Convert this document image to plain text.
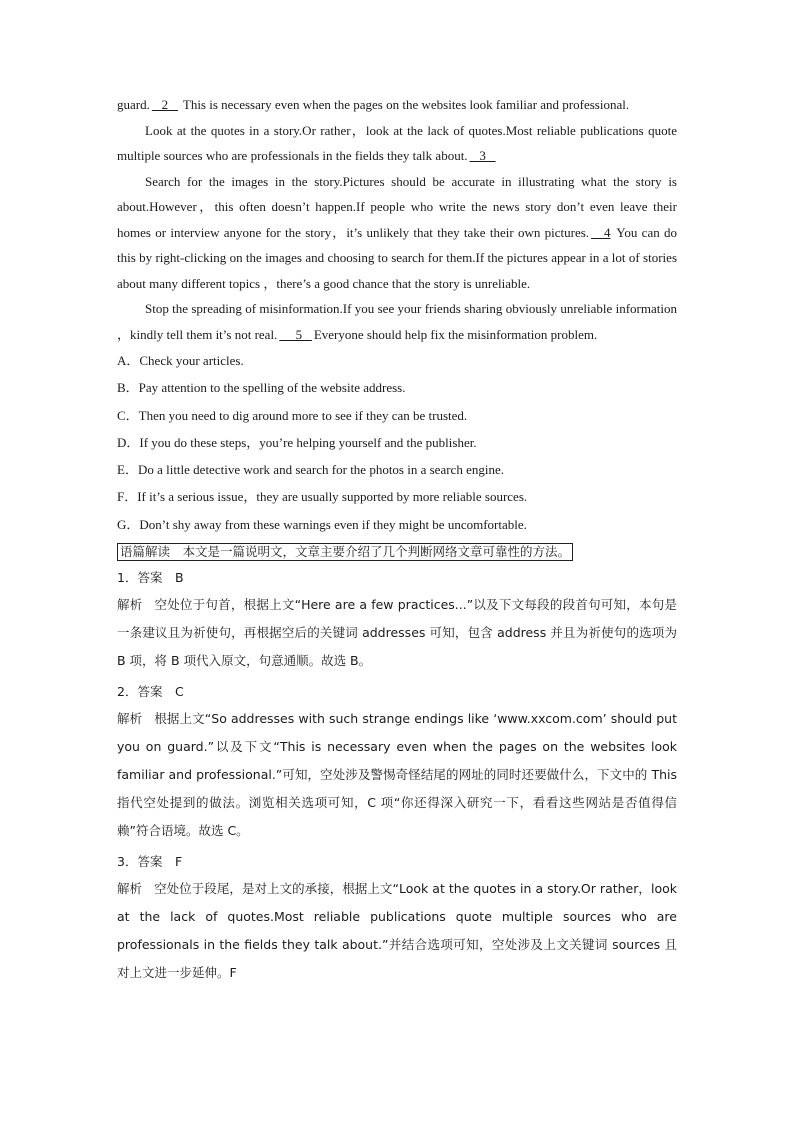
guard.   2    This is necessary even when the pages on the websites look familiar and professional.

Look at the quotes in a story.Or rather，look at the lack of quotes.Most reliable publications quote multiple sources who are professionals in the fields they talk about.   3

Search for the images in the story.Pictures should be accurate in illustrating what the story is about.However，this often doesn’t happen.If people who write the news story don’t even leave their homes or interview anyone for the story，it’s unlikely that they take their own pictures.   4 You can do this by right-clicking on the images and choosing to search for them.If the pictures appear in a lot of stories about many different topics ，there’s a good chance that the story is unreliable.

Stop the spreading of misinformation.If you see your friends sharing obviously unreliable information ，kindly tell them it’s not real.     5   Everyone should help fix the misinformation problem.

A．Check your articles.

B．Pay attention to the spelling of the website address.

C．Then you need to dig around more to see if they can be trusted.

D．If you do these steps，you’re helping yourself and the publisher.

E．Do a little detective work and search for the photos in a search engine.

F．If it’s a serious issue，they are usually supported by more reliable sources.

G．Don’t shy away from these warnings even if they might be uncomfortable.

语篇解读　本文是一篇说明文，文章主要介绍了几个判断网络文章可靠性的方法。

1．答案　B

解析 空处位于句首，根据上文“Here are a few practices...”以及下文每段的段首句可知，本句是一条建议且为祈使句，再根据空后的关键词 addresses 可知，包含 address 并且为祈使句的选项为 B 项，将 B 项代入原文，句意通顺。故选 B。

2．答案　C

解析 根据上文“So addresses with such strange endings like ‘www.xxcom.com’ should put you on guard.”以及下文“This is necessary even when the pages on the websites look familiar and professional.”可知，空处涉及警惕奇怪结尾的网址的同时还要做什么，下文中的 This 指代空处提到的做法。浏览相关选项可知，C 项“你还得深入研究一下，看看这些网站是否值得信赖”符合语境。故选 C。

3．答案　F

解析 空处位于段尾，是对上文的承接，根据上文“Look at the quotes in a story.Or rather，look at the lack of quotes.Most reliable publications quote multiple sources who are professionals in the fields they talk about.”并结合选项可知，空处涉及上文关键词 sources 且对上文进一步延伸。F
